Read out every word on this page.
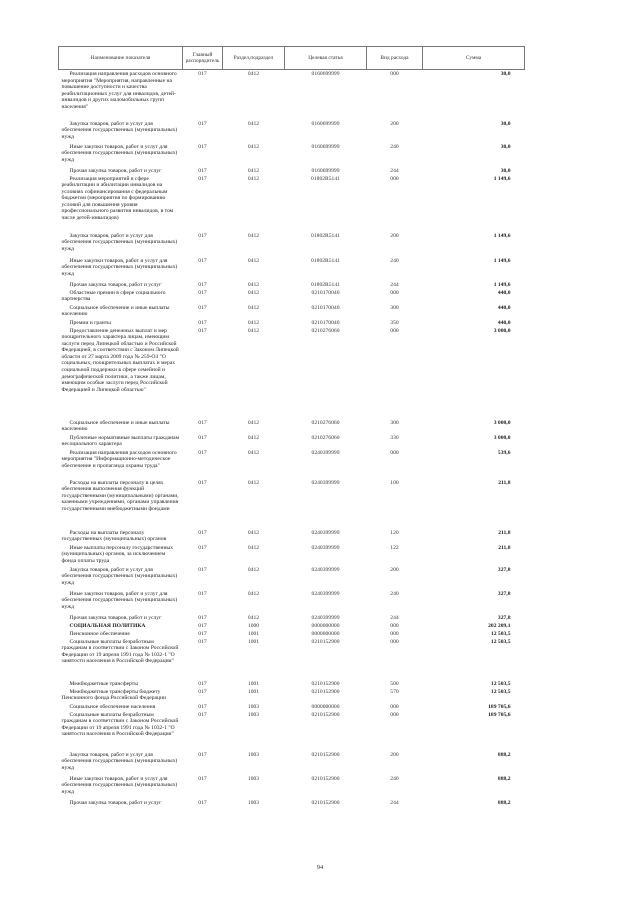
Наименование показателя	Главный распорядитель	Раздел,подраздел	Целевая статья	Вид расхода	Сумма

Реализация направления расходов основного мероприятия "Мероприятия, направленные на повышение доступности и качества реабилитационных услуг для инвалидов, детей-инвалидов и других маломобильных групп населения"	017	0412	0160699999	000	30,0

Закупка товаров, работ и услуг для обеспечения государственных (муниципальных) нужд	017	0412	0160699999	200	30,0

Иные закупки товаров, работ и услуг для обеспечения государственных (муниципальных) нужд	017	0412	0160699999	240	30,0

Прочая закупка товаров, работ и услуг	017	0412	0160699999	244	30,0

Реализация мероприятий в сфере реабилитации и абилитации инвалидов на условиях софинансирования с федеральным бюджетом (мероприятия по формированию условий для повышения уровня профессионального развития инвалидов, в том числе детей-инвалидов)	017	0412	01802R5141	000	1 149,6

Закупка товаров, работ и услуг для обеспечения государственных (муниципальных) нужд	017	0412	01802R5141	200	1 149,6

Иные закупки товаров, работ и услуг для обеспечения государственных (муниципальных) нужд	017	0412	01802R5141	240	1 149,6

Прочая закупка товаров, работ и услуг	017	0412	01802R5141	244	1 149,6

Областные премии в сфере социального партнерства	017	0412	0210170040	000	440,0

Социальное обеспечение и иные выплаты населению	017	0412	0210170040	300	440,0

Премии и гранты	017	0412	0210170040	350	440,0

Предоставление денежных выплат и мер поощрительного характера лицам, имеющим заслуги перед Липецкой областью и Российской Федерацией, в соответствии с Законом Липецкой области от 27 марта 2009 года № 259-ОЗ "О социальных, поощрительных выплатах и мерах социальной поддержки в сфере семейной и демографической политики, а также лицам, имеющим особые заслуги перед Российской Федерацией и Липецкой областью"	017	0412	0210276060	000	3 000,0

Социальное обеспечение и иные выплаты населению	017	0412	0210276060	300	3 000,0

Публичные нормативные выплаты гражданам несоциального характера	017	0412	0210276060	330	3 000,0

Реализация направления расходов основного мероприятия "Информационно-методическое обеспечение и пропаганда охраны труда"	017	0412	0240399999	000	539,6

Расходы на выплаты персоналу в целях обеспечения выполнения функций государственными (муниципальными) органами, казенными учреждениями, органами управления государственными внебюджетными фондами	017	0412	0240399999	100	211,8

Расходы на выплаты персоналу государственных (муниципальных) органов	017	0412	0240399999	120	211,8

Иные выплаты персоналу государственных (муниципальных) органов, за исключением фонда оплаты труда	017	0412	0240399999	122	211,8

Закупка товаров, работ и услуг для обеспечения государственных (муниципальных) нужд	017	0412	0240399999	200	327,8

Иные закупки товаров, работ и услуг для обеспечения государственных (муниципальных) нужд	017	0412	0240399999	240	327,8

Прочая закупка товаров, работ и услуг	017	0412	0240399999	244	327,8

СОЦИАЛЬНАЯ ПОЛИТИКА	017	1000	0000000000	000	202 209,1

Пенсионное обеспечение	017	1001	0000000000	000	12 503,5

Социальные выплаты безработным гражданам в соответствии с Законом Российской Федерации от 19 апреля 1991 года № 1032-1 "О занятости населения в Российской Федерации"	017	1001	0210152900	000	12 503,5

Межбюджетные трансферты	017	1001	0210152900	500	12 503,5

Межбюджетные трансферты бюджету Пенсионного фонда Российской Федерации	017	1001	0210152900	570	12 503,5

Социальное обеспечение населения	017	1003	0000000000	000	189 705,6

Социальные выплаты безработным гражданам в соответствии с Законом Российской Федерации от 19 апреля 1991 года № 1032-1 "О занятости населения в Российской Федерации"	017	1003	0210152900	000	189 705,6

Закупка товаров, работ и услуг для обеспечения государственных (муниципальных) нужд	017	1003	0210152900	200	888,2

Иные закупки товаров, работ и услуг для обеспечения государственных (муниципальных) нужд	017	1003	0210152900	240	888,2

Прочая закупка товаров, работ и услуг	017	1003	0210152900	244	888,2
94
